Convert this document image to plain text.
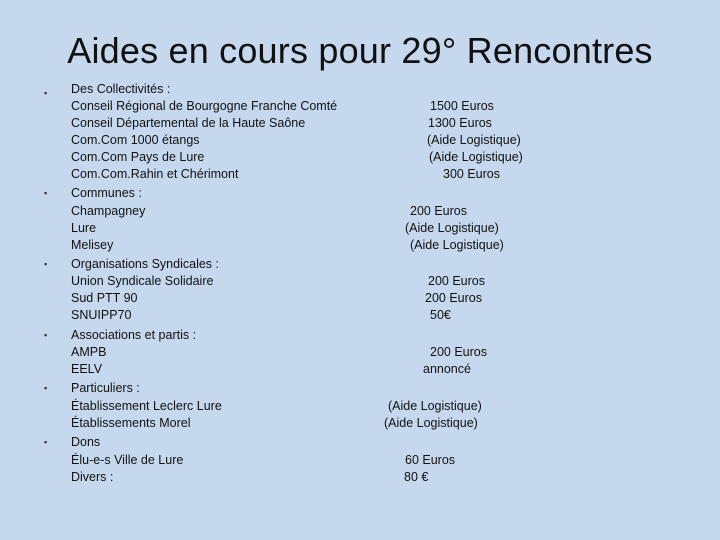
Aides en cours pour 29° Rencontres
▪
▪
▪
▪
▪
▪
Des Collectivités :
Conseil Régional de Bourgogne Franche Comté	1500 Euros
Conseil Départemental de la Haute Saône	1300 Euros
Com.Com 1000 étangs	(Aide Logistique)
Com.Com Pays de Lure	(Aide Logistique)
Com.Com.Rahin et Chérimont	300 Euros
Communes :
Champagney	200 Euros
Lure	(Aide Logistique)
Melisey	(Aide Logistique)
Organisations Syndicales :
Union Syndicale Solidaire	200 Euros
Sud PTT 90	200 Euros
SNUIPP70	50€
Associations et partis :
AMPB	200 Euros
EELV	annoncé
Particuliers :
Établissement Leclerc Lure	(Aide Logistique)
Établissements Morel	(Aide Logistique)
Dons
Élu-e-s Ville de Lure	60 Euros
Divers :	80 €
